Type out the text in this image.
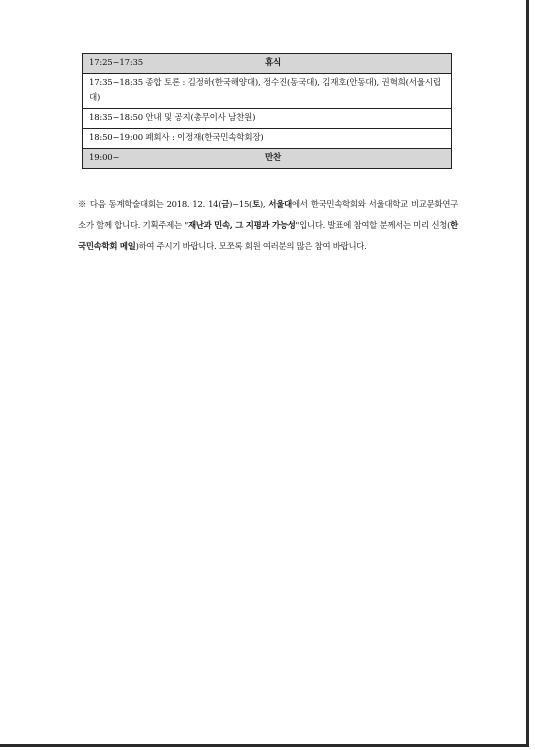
17:25~17:35	휴식
17:35~18:35 종합 토론 : 김정하(한국해양대), 정수진(동국대), 김재호(안동대), 권혁희(서울시립대)
18:35~18:50 안내 및 공지(총무이사 남찬원)
18:50~19:00 폐회사 : 이정재(한국민속학회장)
19:00~	만찬
※ 다음 동계학술대회는 2018. 12. 14(금)~15(토), 서울대에서 한국민속학회와 서울대학교 비교문화연구소가 함께 합니다. 기획주제는 "재난과 민속, 그 지평과 가능성"입니다. 발표에 참여할 분께서는 미리 신청(한국민속학회 메일)하여 주시기 바랍니다. 모쪼록 회원 여러분의 많은 참여 바랍니다.
